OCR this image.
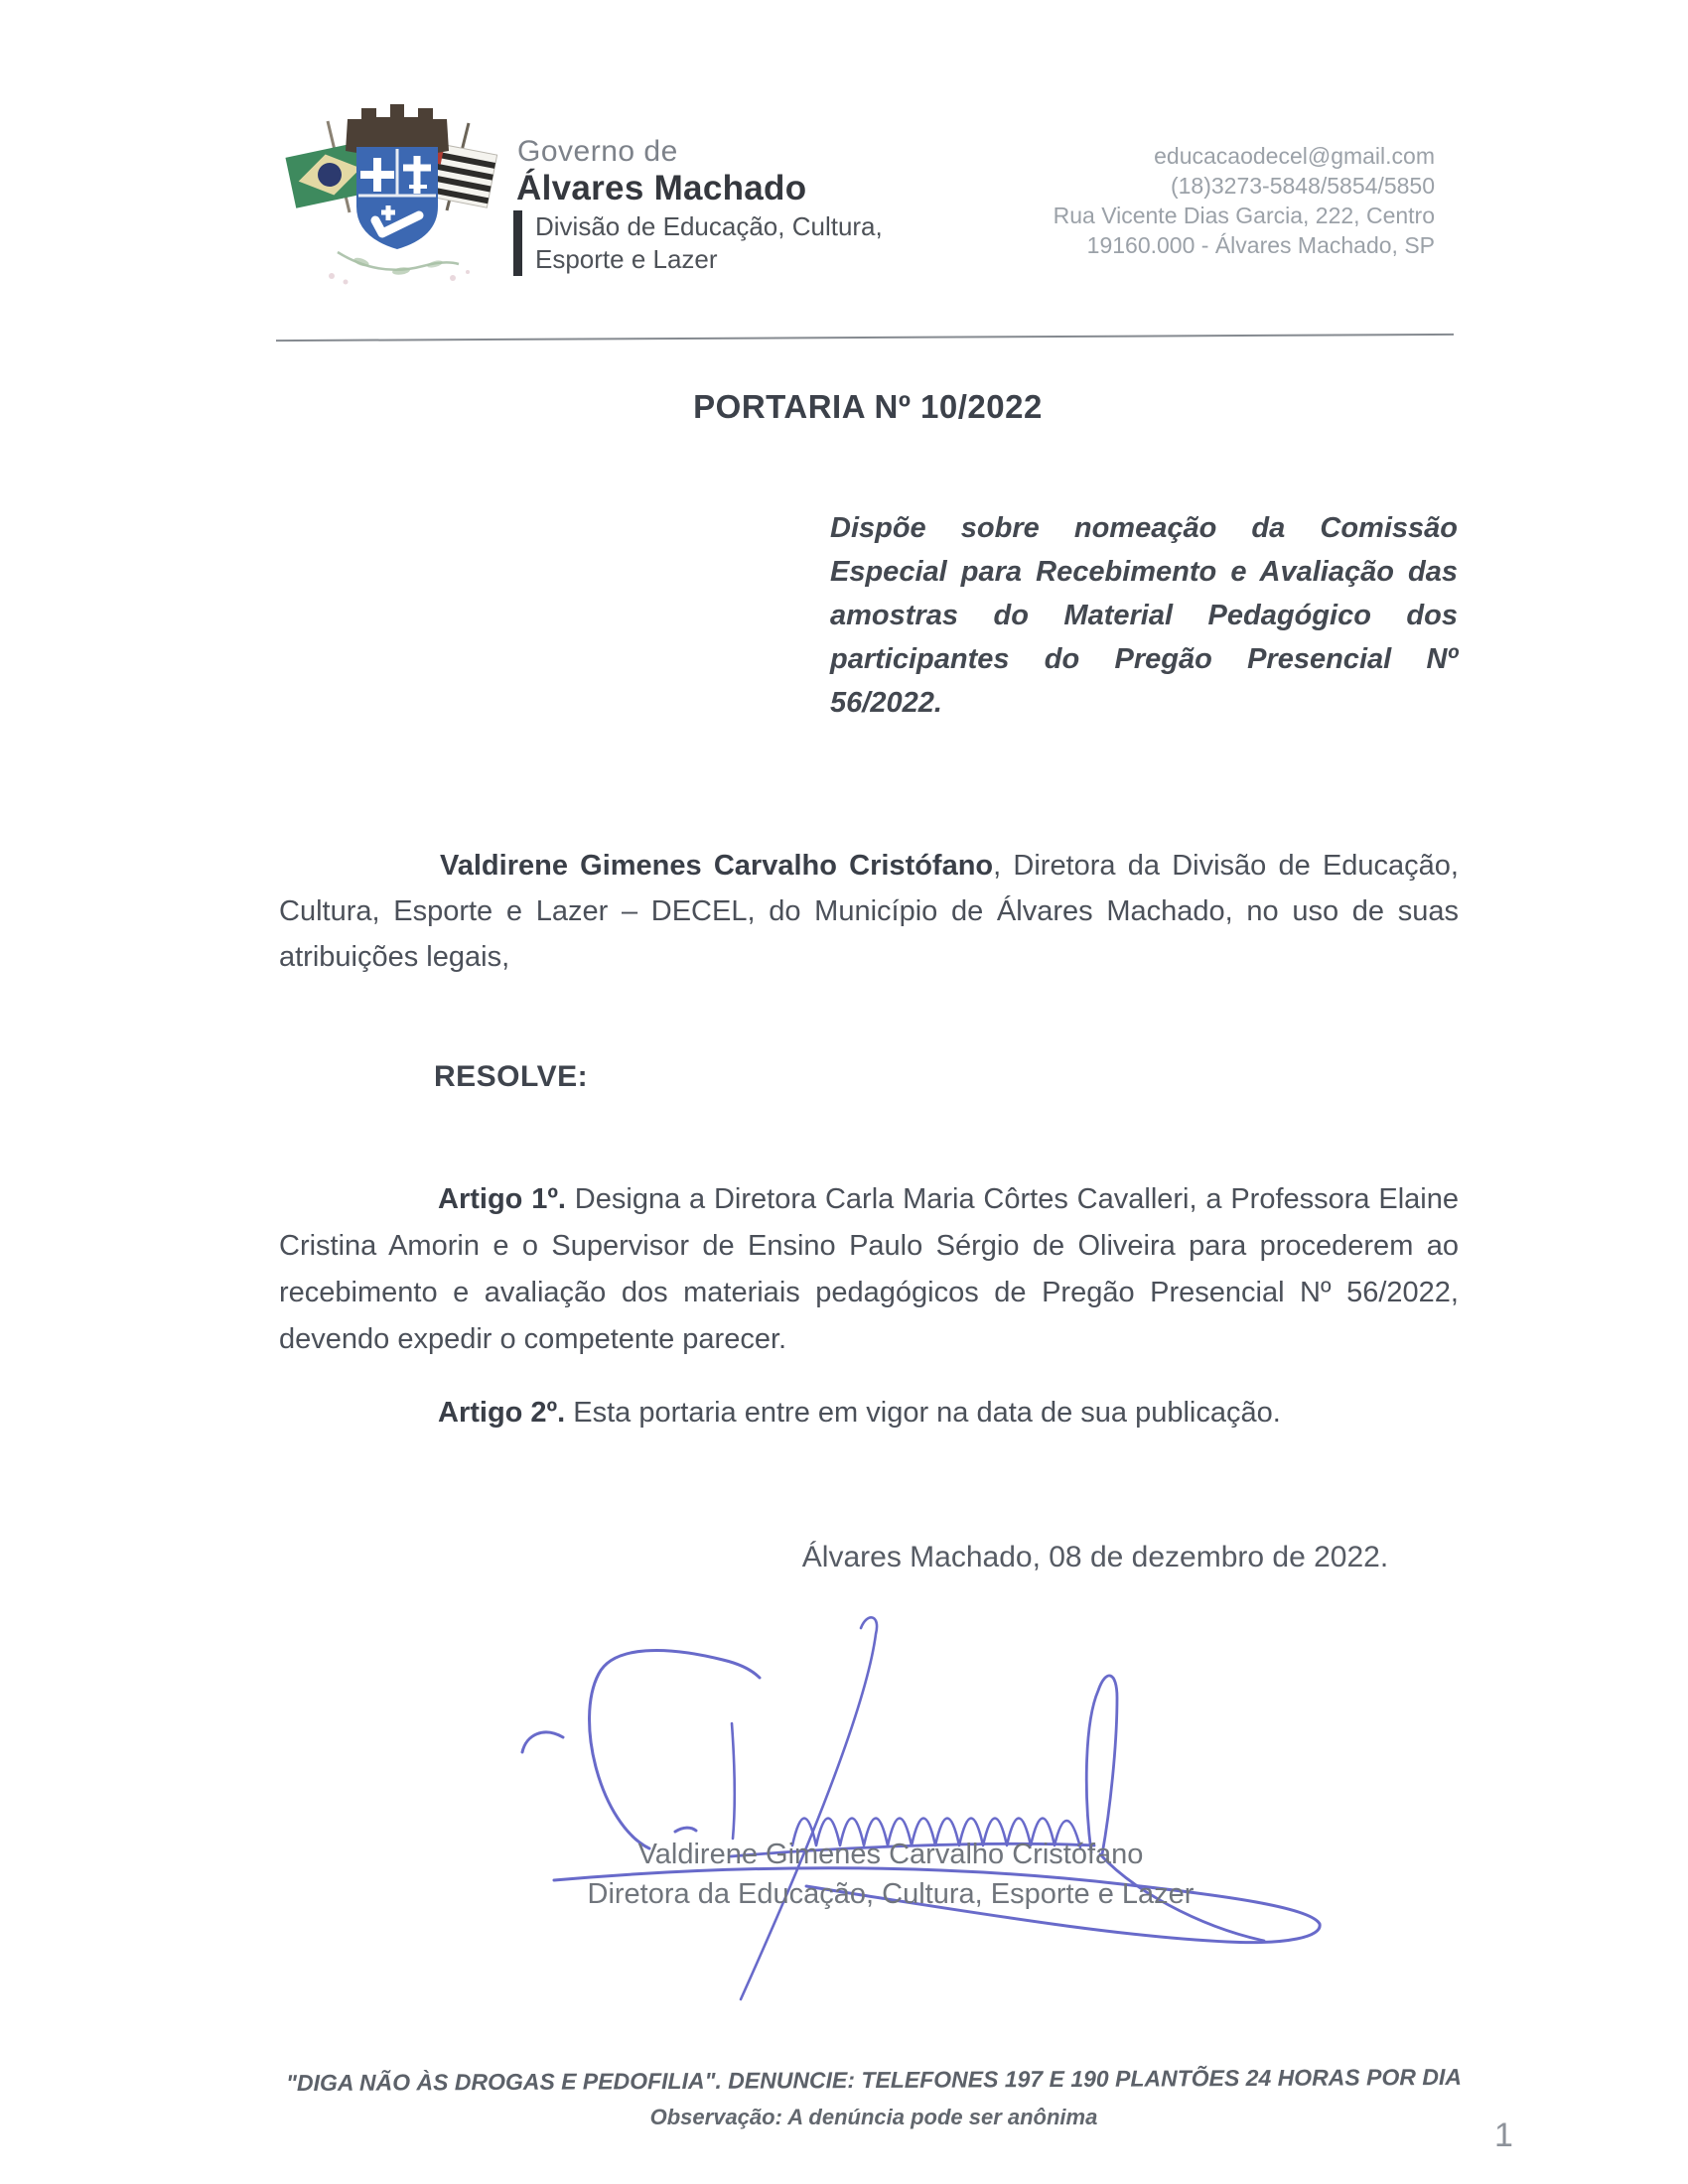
Governo de
Álvares Machado
Divisão de Educação, Cultura,
Esporte e Lazer
educacaodecel@gmail.com
(18)3273-5848/5854/5850
Rua Vicente Dias Garcia, 222, Centro
19160.000 - Álvares Machado, SP
PORTARIA Nº 10/2022
Dispõe sobre nomeação da Comissão Especial para Recebimento e Avaliação das amostras do Material Pedagógico dos participantes do Pregão Presencial Nº 56/2022.
Valdirene Gimenes Carvalho Cristófano, Diretora da Divisão de Educação, Cultura, Esporte e Lazer – DECEL, do Município de Álvares Machado, no uso de suas atribuições legais,
RESOLVE:
Artigo 1º. Designa a Diretora Carla Maria Côrtes Cavalleri, a Professora Elaine Cristina Amorin e o Supervisor de Ensino Paulo Sérgio de Oliveira para procederem ao recebimento e avaliação dos materiais pedagógicos de Pregão Presencial Nº 56/2022, devendo expedir o competente parecer.
Artigo 2º. Esta portaria entre em vigor na data de sua publicação.
Álvares Machado, 08 de dezembro de 2022.
Valdirene Gimenes Carvalho Cristófano
Diretora da Educação, Cultura, Esporte e Lazer
"DIGA NÃO ÀS DROGAS E PEDOFILIA". DENUNCIE: TELEFONES 197 E 190 PLANTÕES 24 HORAS POR DIA
Observação: A denúncia pode ser anônima	1
